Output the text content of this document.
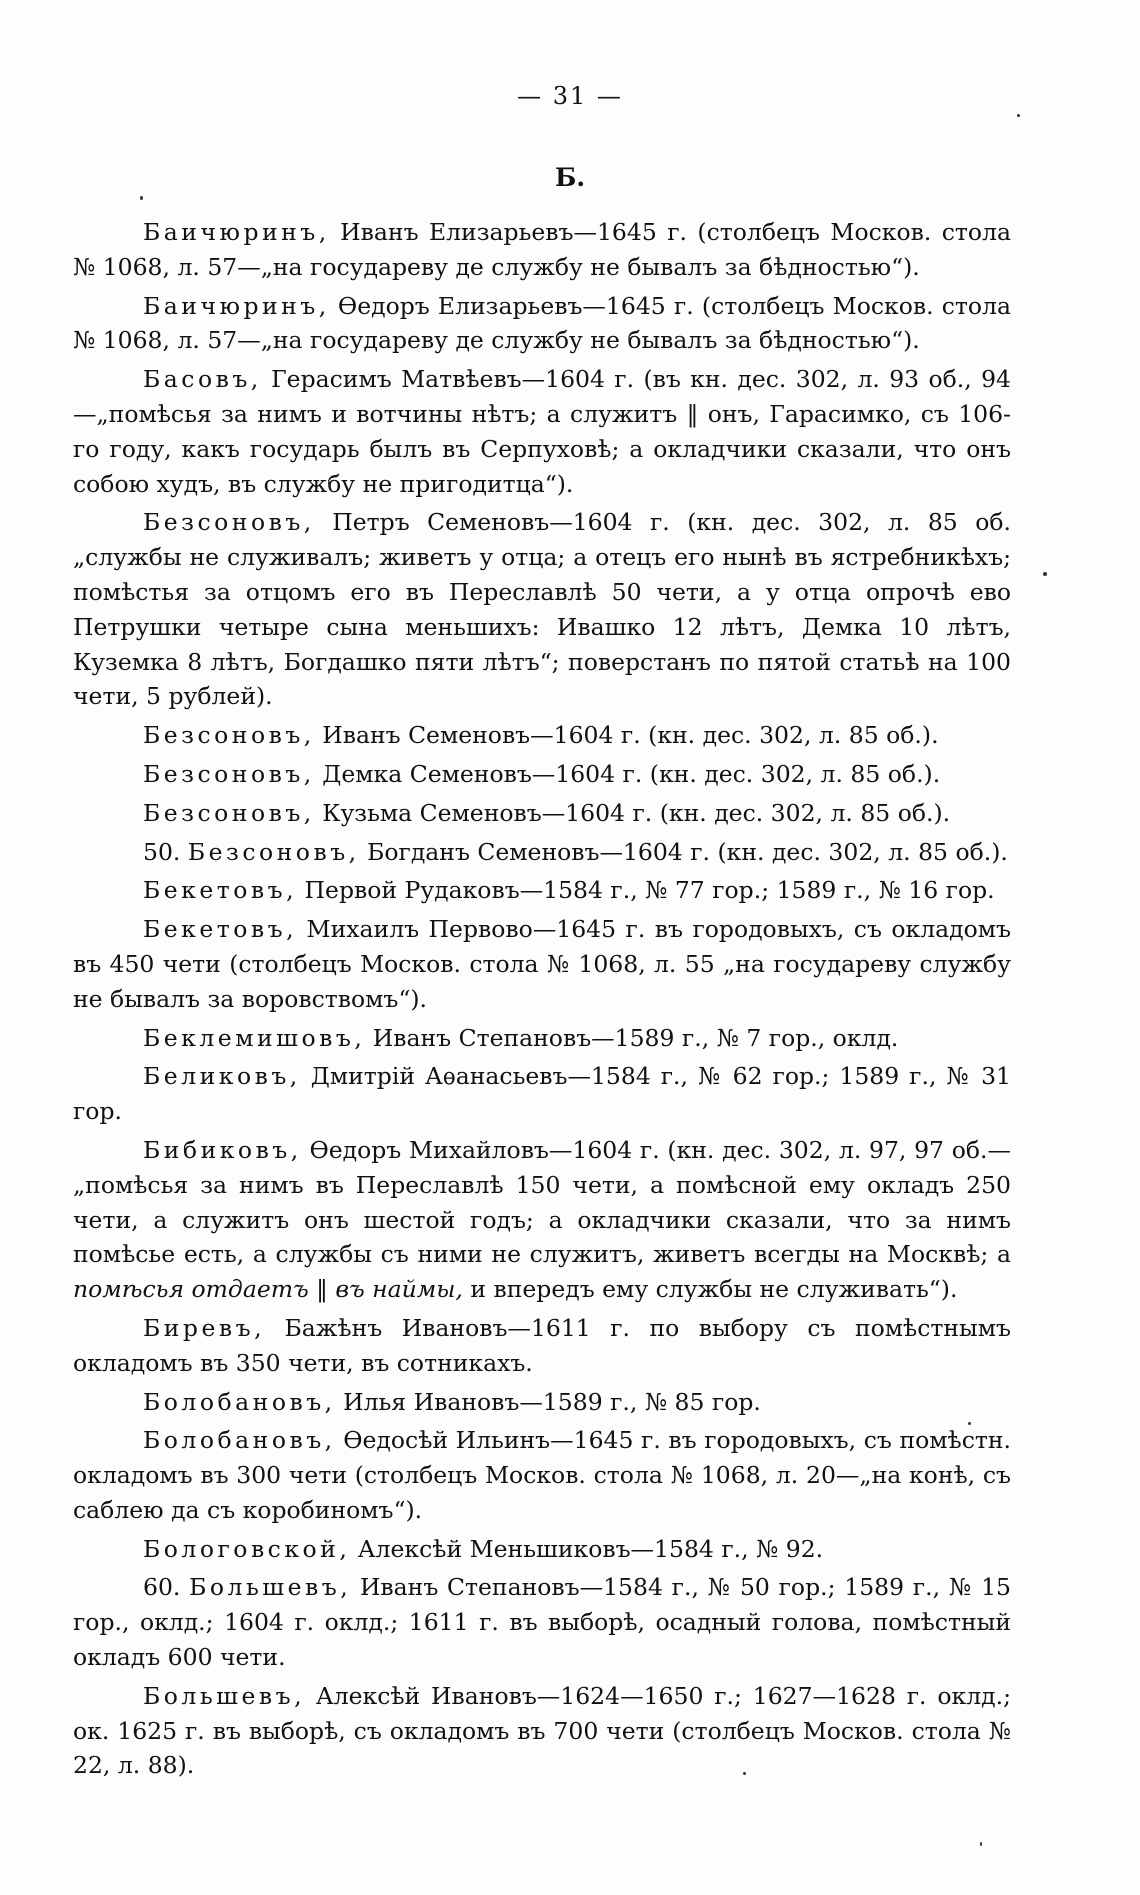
— 31 —
Б.

Баичюринъ, Иванъ Елизарьевъ—1645 г. (столбецъ Москов. стола № 1068, л. 57—„на государеву де службу не бывалъ за бѣдностью“).

Баичюринъ, Ѳедоръ Елизарьевъ—1645 г. (столбецъ Москов. стола № 1068, л. 57—„на государеву де службу не бывалъ за бѣдностью“).

Басовъ, Герасимъ Матвѣевъ—1604 г. (въ кн. дес. 302, л. 93 об., 94—„помѣсья за нимъ и вотчины нѣтъ; а служитъ ‖ онъ, Гарасимко, съ 106-го году, какъ государь былъ въ Серпуховѣ; а окладчики сказали, что онъ собою худъ, въ службу не пригодитца“).

Безсоновъ, Петръ Семеновъ—1604 г. (кн. дес. 302, л. 85 об. „службы не служивалъ; живетъ у отца; а отецъ его нынѣ въ ястребникѣхъ; помѣстья за отцомъ его въ Переславлѣ 50 чети, а у отца опрочѣ ево Петрушки четыре сына меньшихъ: Ивашко 12 лѣтъ, Демка 10 лѣтъ, Куземка 8 лѣтъ, Богдашко пяти лѣтъ“; поверстанъ по пятой статьѣ на 100 чети, 5 рублей).

Безсоновъ, Иванъ Семеновъ—1604 г. (кн. дес. 302, л. 85 об.).

Безсоновъ, Демка Семеновъ—1604 г. (кн. дес. 302, л. 85 об.).

Безсоновъ, Кузьма Семеновъ—1604 г. (кн. дес. 302, л. 85 об.).

50. Безсоновъ, Богданъ Семеновъ—1604 г. (кн. дес. 302, л. 85 об.).

Бекетовъ, Первой Рудаковъ—1584 г., № 77 гор.; 1589 г., № 16 гор.

Бекетовъ, Михаилъ Первово—1645 г. въ городовыхъ, съ окладомъ въ 450 чети (столбецъ Москов. стола № 1068, л. 55 „на государеву службу не бывалъ за воровствомъ“).

Беклемишовъ, Иванъ Степановъ—1589 г., № 7 гор., оклд.

Беликовъ, Дмитрiй Аѳанасьевъ—1584 г., № 62 гор.; 1589 г., № 31 гор.

Бибиковъ, Ѳедоръ Михайловъ—1604 г. (кн. дес. 302, л. 97, 97 об.—„помѣсья за нимъ въ Переславлѣ 150 чети, а помѣсной ему окладъ 250 чети, а служитъ онъ шестой годъ; а окладчики сказали, что за нимъ помѣсье есть, а службы съ ними не служитъ, живетъ всегды на Москвѣ; а помѣсья отдаетъ ‖ въ наймы, и впередъ ему службы не служивать“).

Биревъ, Бажѣнъ Ивановъ—1611 г. по выбору съ помѣстнымъ окладомъ въ 350 чети, въ сотникахъ.

Болобановъ, Илья Ивановъ—1589 г., № 85 гор.

Болобановъ, Ѳедосѣй Ильинъ—1645 г. въ городовыхъ, съ помѣстн. окладомъ въ 300 чети (столбецъ Москов. стола № 1068, л. 20—„на конѣ, съ саблею да съ коробиномъ“).

Бологовской, Алексѣй Меньшиковъ—1584 г., № 92.

60. Большевъ, Иванъ Степановъ—1584 г., № 50 гор.; 1589 г., № 15 гор., оклд.; 1604 г. оклд.; 1611 г. въ выборѣ, осадный голова, помѣстный окладъ 600 чети.

Большевъ, Алексѣй Ивановъ—1624—1650 г.; 1627—1628 г. оклд.; ок. 1625 г. въ выборѣ, съ окладомъ въ 700 чети (столбецъ Москов. стола № 22, л. 88).
